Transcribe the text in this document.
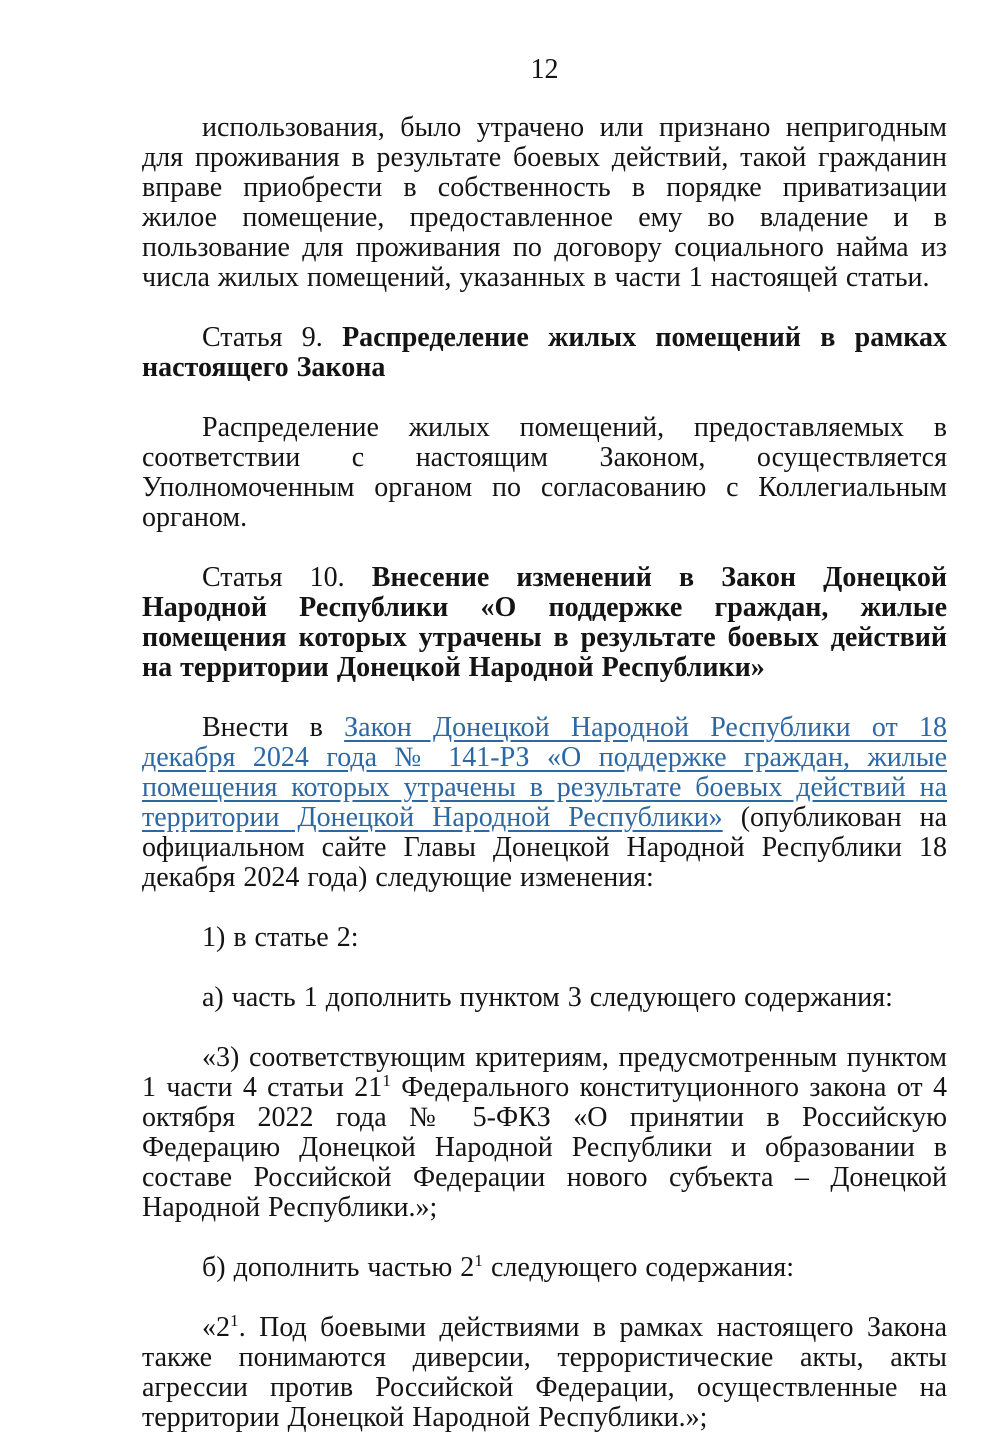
12

использования, было утрачено или признано непригодным для проживания в результате боевых действий, такой гражданин вправе приобрести в собственность в порядке приватизации жилое помещение, предоставленное ему во владение и в пользование для проживания по договору социального найма из числа жилых помещений, указанных в части 1 настоящей статьи.

Статья 9. Распределение жилых помещений в рамках настоящего Закона

Распределение жилых помещений, предоставляемых в соответствии с настоящим Законом, осуществляется Уполномоченным органом по согласованию с Коллегиальным органом.

Статья 10. Внесение изменений в Закон Донецкой Народной Республики «О поддержке граждан, жилые помещения которых утрачены в результате боевых действий на территории Донецкой Народной Республики»

Внести в Закон Донецкой Народной Республики от 18 декабря 2024 года № 141-РЗ «О поддержке граждан, жилые помещения которых утрачены в результате боевых действий на территории Донецкой Народной Республики» (опубликован на официальном сайте Главы Донецкой Народной Республики 18 декабря 2024 года) следующие изменения:

1) в статье 2:

а) часть 1 дополнить пунктом 3 следующего содержания:

«3) соответствующим критериям, предусмотренным пунктом 1 части 4 статьи 21$^1$ Федерального конституционного закона от 4 октября 2022 года № 5-ФКЗ «О принятии в Российскую Федерацию Донецкой Народной Республики и образовании в составе Российской Федерации нового субъекта – Донецкой Народной Республики.»;

б) дополнить частью 2$^1$ следующего содержания:

«2$^1$. Под боевыми действиями в рамках настоящего Закона также понимаются диверсии, террористические акты, акты агрессии против Российской Федерации, осуществленные на территории Донецкой Народной Республики.»;
